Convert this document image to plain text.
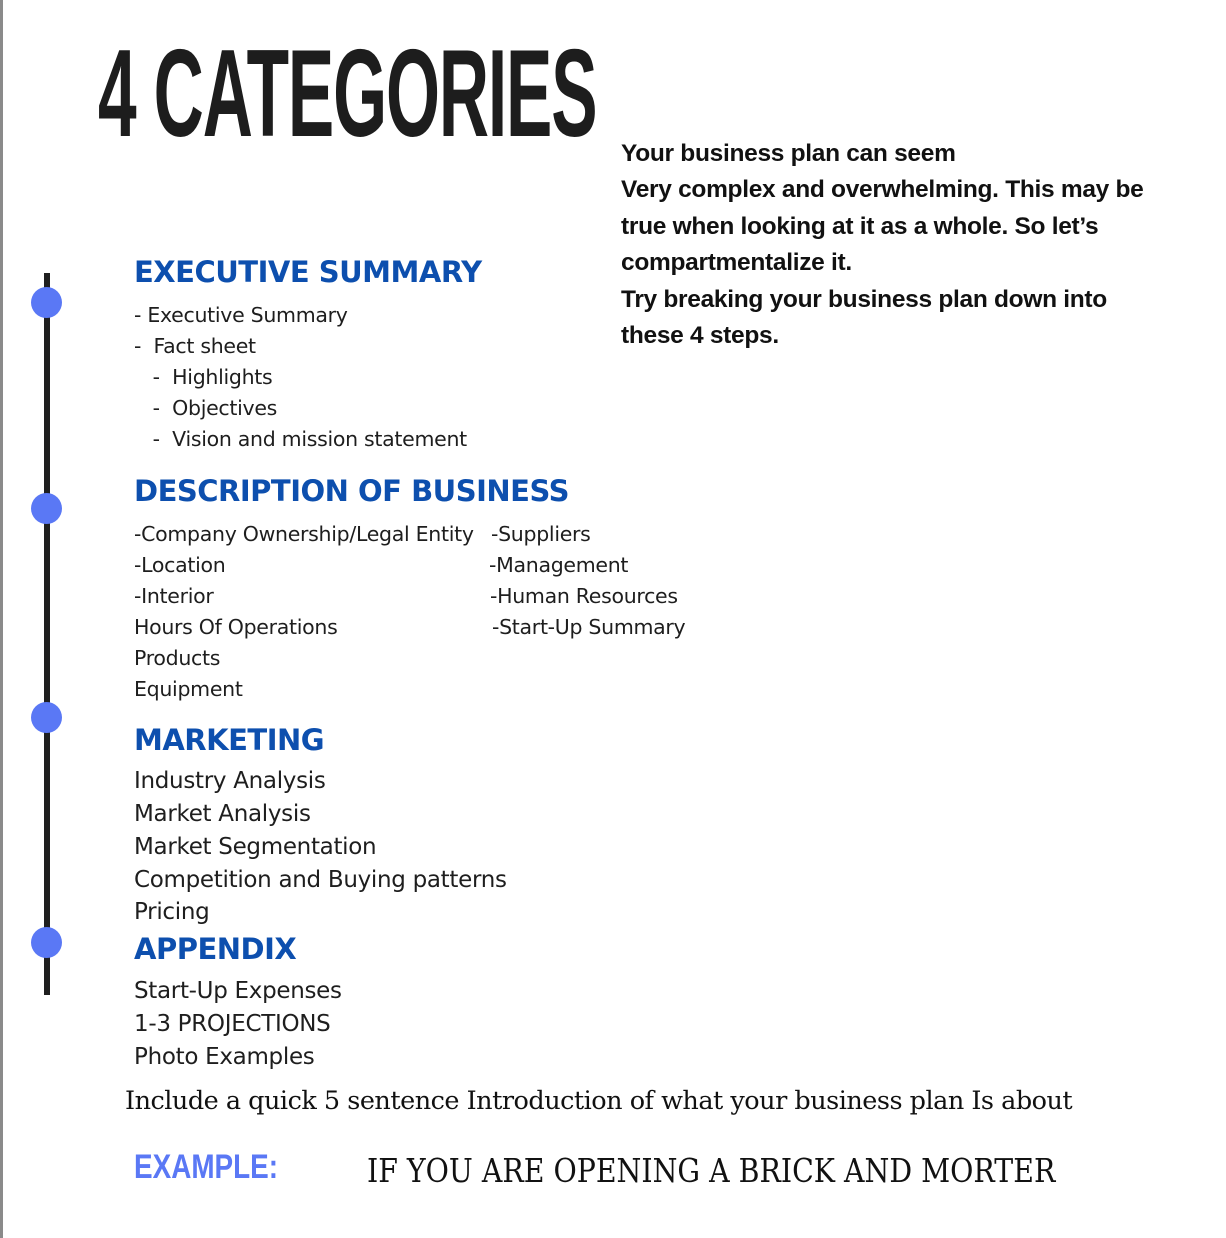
4 CATEGORIES Your business plan can seem
Very complex and overwhelming. This may be
true when looking at it as a whole. So let’s
compartmentalize it.
Try breaking your business plan down into
these 4 steps.
EXECUTIVE SUMMARY
- Executive Summary
-  Fact sheet
-  Highlights
-  Objectives
-  Vision and mission statement
DESCRIPTION OF BUSINESS
-Company Ownership/Legal Entity
-Location
-Interior
Hours Of Operations
Products
Equipment
-Suppliers
-Management
-Human Resources
-Start-Up Summary
MARKETING
Industry Analysis
Market Analysis
Market Segmentation
Competition and Buying patterns
Pricing
APPENDIX
Start-Up Expenses
1-3 PROJECTIONS
Photo Examples
Include a quick 5 sentence Introduction of what your business plan Is about
EXAMPLE:	IF YOU ARE OPENING A BRICK AND MORTER
